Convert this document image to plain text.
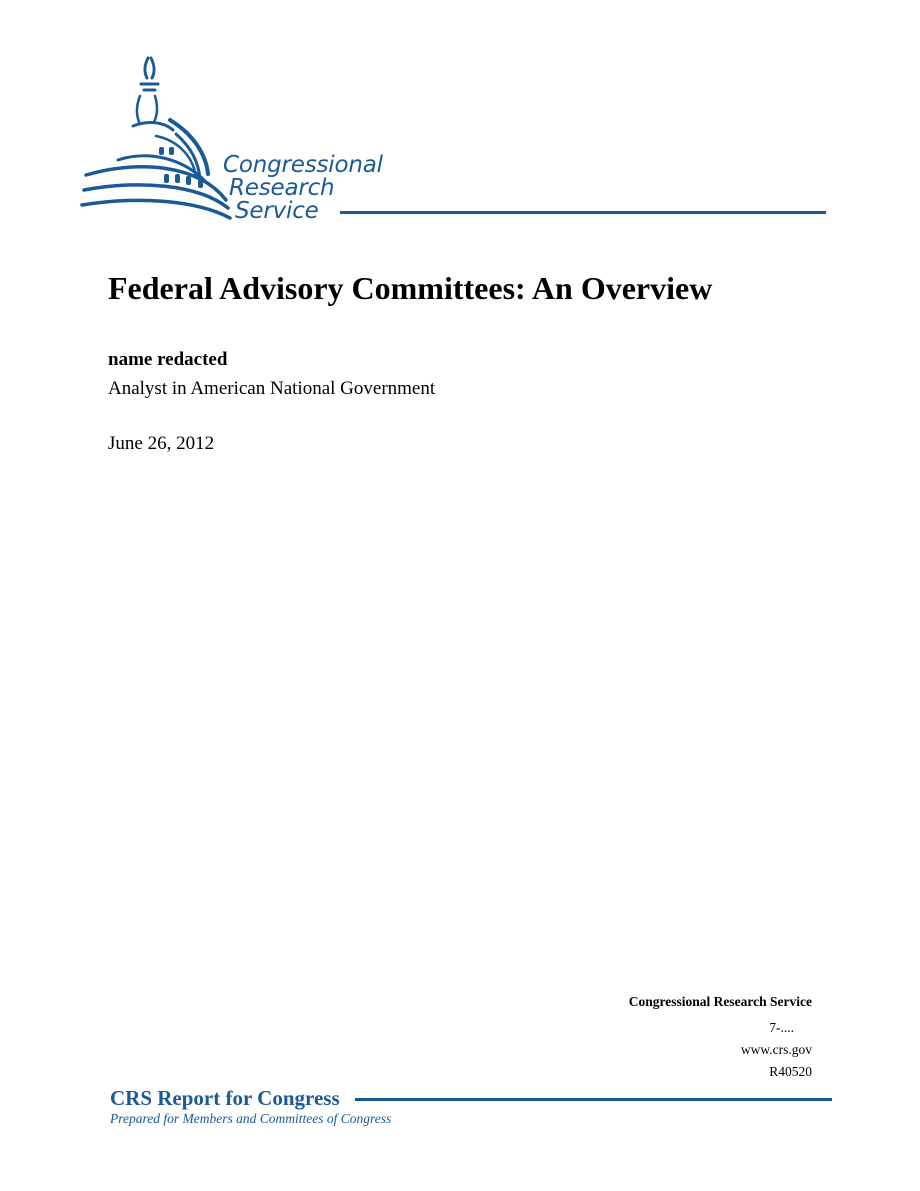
Congressional
Research
Service
Federal Advisory Committees: An Overview
name redacted
Analyst in American National Government
June 26, 2012
Congressional Research Service
7-....
www.crs.gov
R40520
CRS Report for Congress
Prepared for Members and Committees of Congress
